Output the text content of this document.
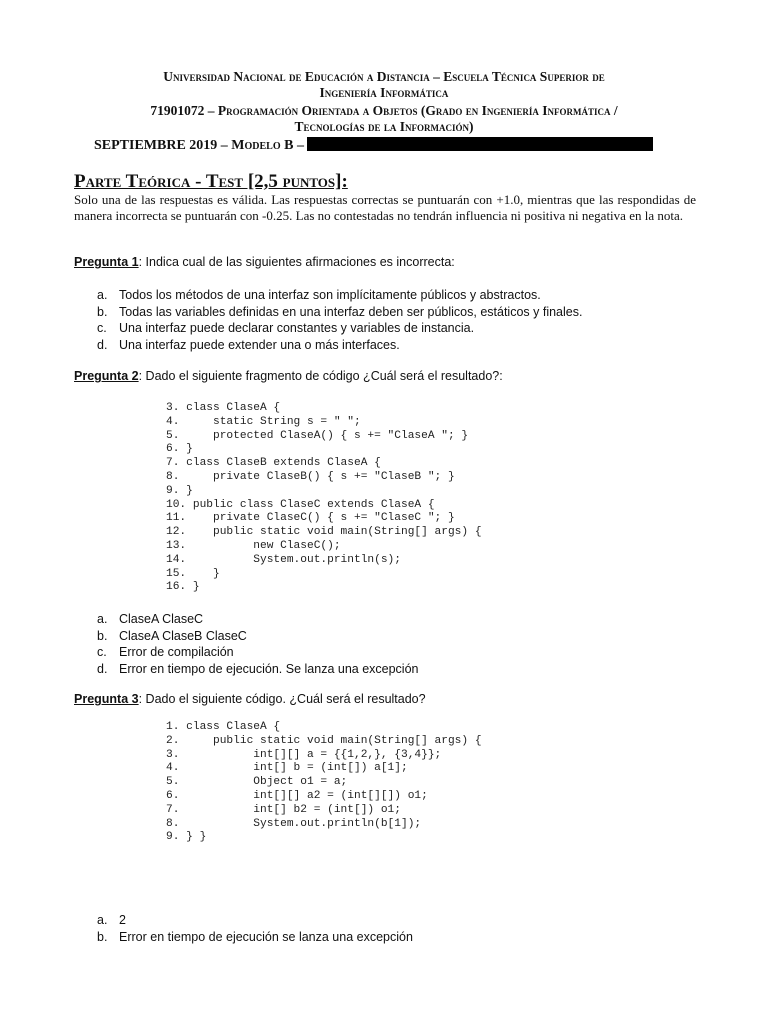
Universidad Nacional de Educación a Distancia – Escuela Técnica Superior de
Ingeniería Informática
71901072 – Programación Orientada a Objetos (Grado en Ingeniería Informática /
Tecnologías de la Información)
SEPTIEMBRE 2019 – Modelo B –
Parte Teórica - Test [2,5 puntos]:
Solo una de las respuestas es válida. Las respuestas correctas se puntuarán con +1.0, mientras que las respondidas de manera incorrecta se puntuarán con -0.25. Las no contestadas no tendrán influencia ni positiva ni negativa en la nota.
Pregunta 1: Indica cual de las siguientes afirmaciones es incorrecta:
a. Todos los métodos de una interfaz son implícitamente públicos y abstractos.
b. Todas las variables definidas en una interfaz deben ser públicos, estáticos y finales.
c. Una interfaz puede declarar constantes y variables de instancia.
d. Una interfaz puede extender una o más interfaces.
Pregunta 2: Dado el siguiente fragmento de código ¿Cuál será el resultado?:
3. class ClaseA {
4.     static String s = " ";
5.     protected ClaseA() { s += "ClaseA "; }
6. }
7. class ClaseB extends ClaseA {
8.     private ClaseB() { s += "ClaseB "; }
9. }
10. public class ClaseC extends ClaseA {
11.    private ClaseC() { s += "ClaseC "; }
12.    public static void main(String[] args) {
13.          new ClaseC();
14.          System.out.println(s);
15.    }
16. }
a. ClaseA ClaseC
b. ClaseA ClaseB ClaseC
c. Error de compilación
d. Error en tiempo de ejecución. Se lanza una excepción
Pregunta 3: Dado el siguiente código. ¿Cuál será el resultado?
1. class ClaseA {
2.     public static void main(String[] args) {
3.           int[][] a = {{1,2,}, {3,4}};
4.           int[] b = (int[]) a[1];
5.           Object o1 = a;
6.           int[][] a2 = (int[][]) o1;
7.           int[] b2 = (int[]) o1;
8.           System.out.println(b[1]);
9. } }
a. 2
b. Error en tiempo de ejecución se lanza una excepción
